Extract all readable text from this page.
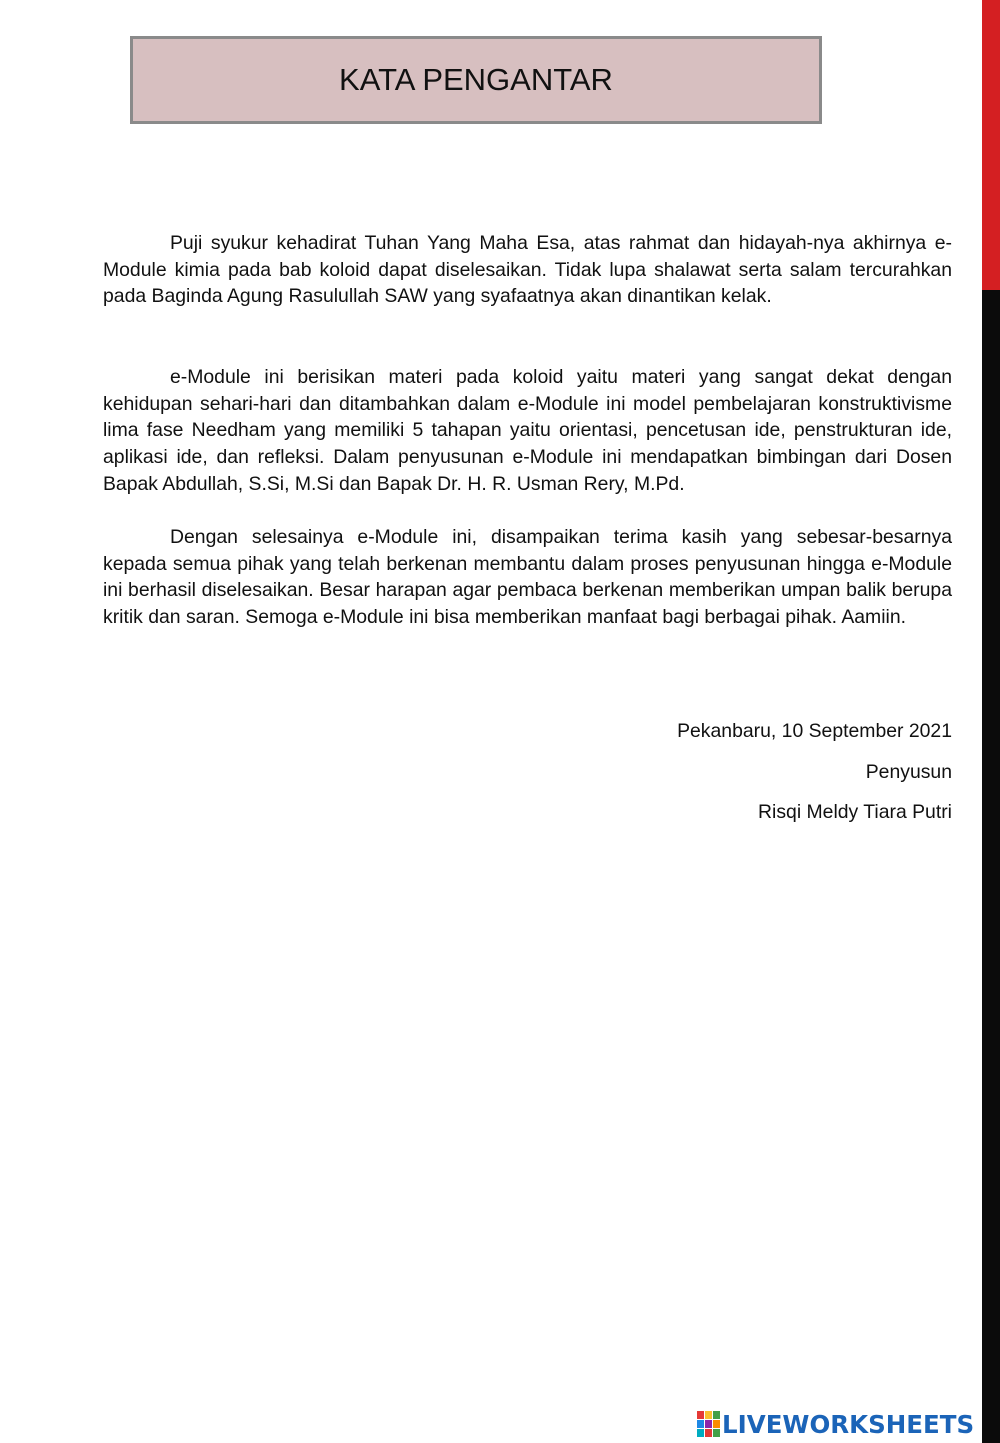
KATA PENGANTAR

Puji syukur kehadirat Tuhan Yang Maha Esa, atas rahmat dan hidayah-nya akhirnya e-Module kimia pada bab koloid dapat diselesaikan. Tidak lupa shalawat serta salam tercurahkan pada Baginda Agung Rasulullah SAW yang syafaatnya akan dinantikan kelak.

e-Module ini berisikan materi pada koloid yaitu materi yang sangat dekat dengan kehidupan sehari-hari dan ditambahkan dalam e-Module ini model pembelajaran konstruktivisme lima fase Needham yang memiliki 5 tahapan yaitu orientasi, pencetusan ide, penstrukturan ide, aplikasi ide, dan refleksi. Dalam penyusunan e-Module ini mendapatkan bimbingan dari Dosen Bapak Abdullah, S.Si, M.Si dan Bapak Dr. H. R. Usman Rery, M.Pd.

Dengan selesainya e-Module ini, disampaikan terima kasih yang sebesar-besarnya kepada semua pihak yang telah berkenan membantu dalam proses penyusunan hingga e-Module ini berhasil diselesaikan. Besar harapan agar pembaca berkenan memberikan umpan balik berupa kritik dan saran. Semoga e-Module ini bisa memberikan manfaat bagi berbagai pihak. Aamiin.

Pekanbaru, 10 September 2021
Penyusun
Risqi Meldy Tiara Putri
LIVEWORKSHEETS
